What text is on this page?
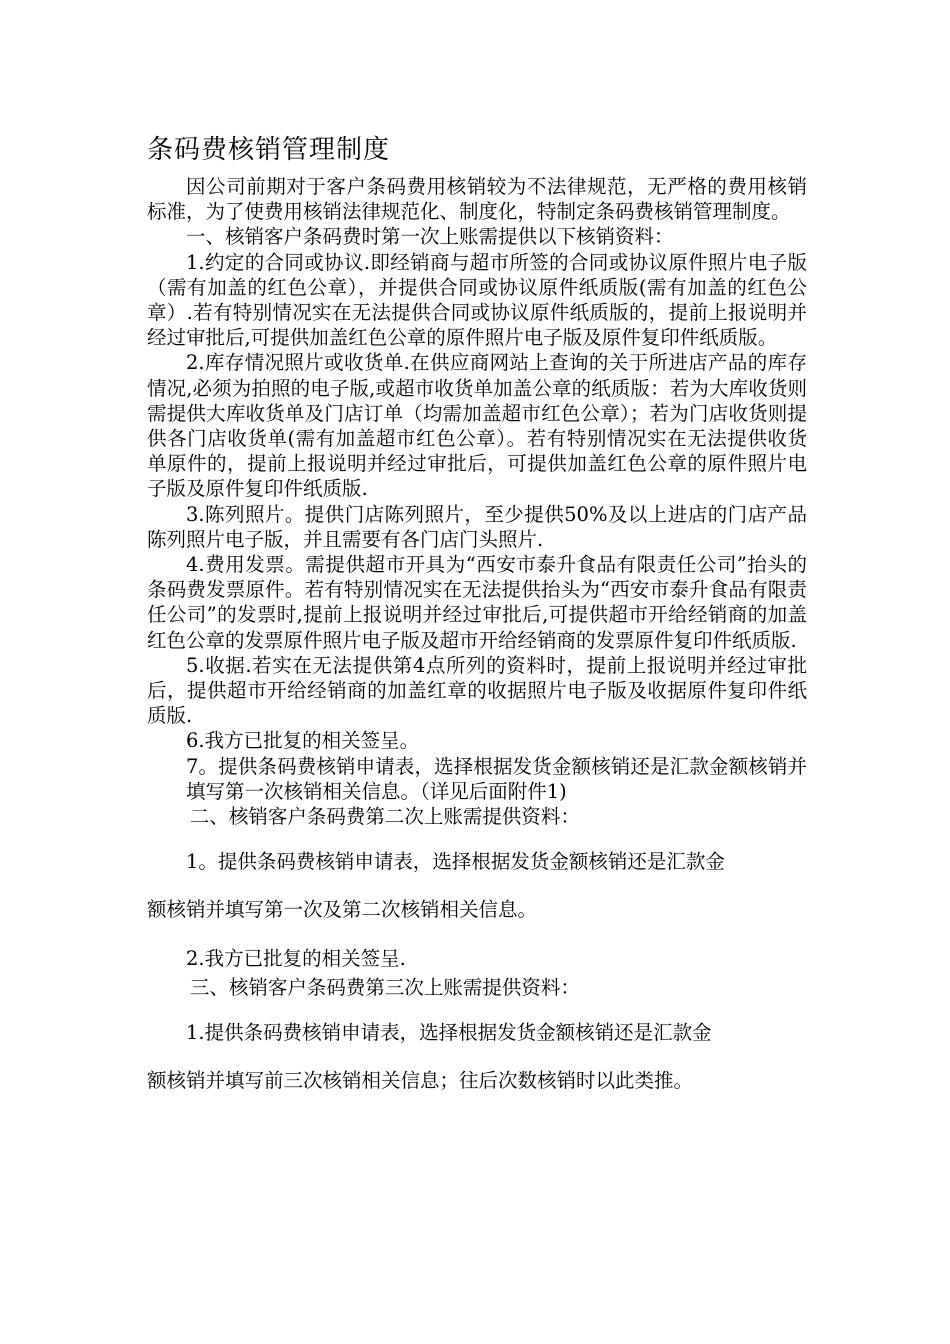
条码费核销管理制度

因公司前期对于客户条码费用核销较为不法律规范，无严格的费用核销标准，为了使费用核销法律规范化、制度化，特制定条码费核销管理制度。

一、核销客户条码费时第一次上账需提供以下核销资料：

1.约定的合同或协议.即经销商与超市所签的合同或协议原件照片电子版（需有加盖的红色公章），并提供合同或协议原件纸质版(需有加盖的红色公章）.若有特别情况实在无法提供合同或协议原件纸质版的，提前上报说明并经过审批后,可提供加盖红色公章的原件照片电子版及原件复印件纸质版。

2.库存情况照片或收货单.在供应商网站上查询的关于所进店产品的库存情况,必须为拍照的电子版,或超市收货单加盖公章的纸质版：若为大库收货则需提供大库收货单及门店订单（均需加盖超市红色公章）；若为门店收货则提供各门店收货单(需有加盖超市红色公章）。若有特别情况实在无法提供收货单原件的，提前上报说明并经过审批后，可提供加盖红色公章的原件照片电子版及原件复印件纸质版.

3.陈列照片。提供门店陈列照片，至少提供50%及以上进店的门店产品陈列照片电子版，并且需要有各门店门头照片.

4.费用发票。需提供超市开具为“西安市泰升食品有限责任公司”抬头的条码费发票原件。若有特别情况实在无法提供抬头为“西安市泰升食品有限责任公司”的发票时,提前上报说明并经过审批后,可提供超市开给经销商的加盖红色公章的发票原件照片电子版及超市开给经销商的发票原件复印件纸质版.

5.收据.若实在无法提供第4点所列的资料时，提前上报说明并经过审批后，提供超市开给经销商的加盖红章的收据照片电子版及收据原件复印件纸质版.

6.我方已批复的相关签呈。

7。提供条码费核销申请表，选择根据发货金额核销还是汇款金额核销并填写第一次核销相关信息。（详见后面附件1)

二、核销客户条码费第二次上账需提供资料：

1。提供条码费核销申请表，选择根据发货金额核销还是汇款金

额核销并填写第一次及第二次核销相关信息。

2.我方已批复的相关签呈.

三、核销客户条码费第三次上账需提供资料：

1.提供条码费核销申请表，选择根据发货金额核销还是汇款金

额核销并填写前三次核销相关信息；往后次数核销时以此类推。
